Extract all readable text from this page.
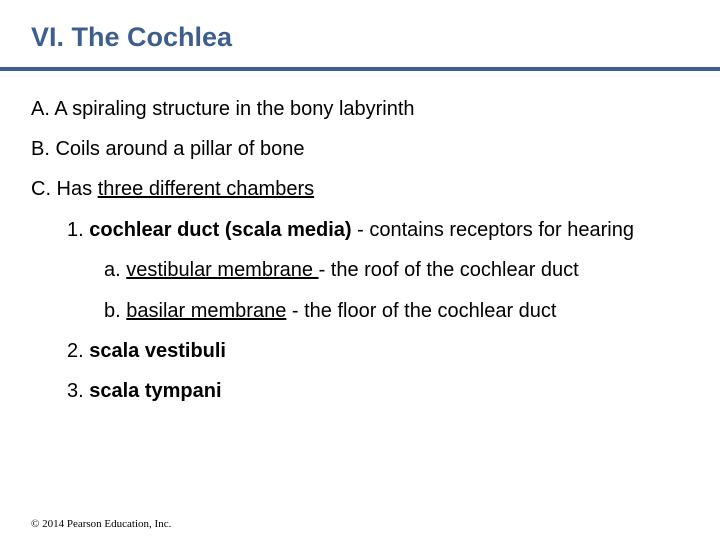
VI. The Cochlea
A. A spiraling structure in the bony labyrinth
B. Coils around a pillar of bone
C. Has three different chambers
1. cochlear duct (scala media) - contains receptors for hearing
a. vestibular membrane - the roof of the cochlear duct
b. basilar membrane - the floor of the cochlear duct
2. scala vestibuli
3. scala tympani
© 2014 Pearson Education, Inc.
